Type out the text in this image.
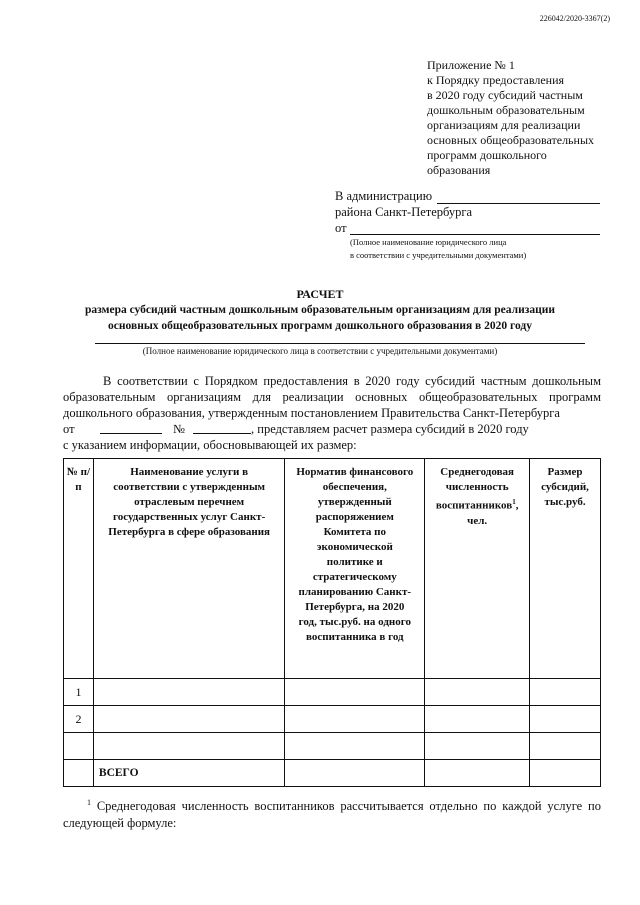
226042/2020-3367(2)
Приложение № 1
к Порядку предоставления
в 2020 году субсидий частным
дошкольным образовательным
организациям для реализации
основных общеобразовательных
программ дошкольного
образования
В администрацию
района Санкт-Петербурга
от
(Полное наименование юридического лица
в соответствии с учредительными документами)
РАСЧЕТ
размера субсидий частным дошкольным образовательным организациям для реализации
основных общеобразовательных программ дошкольного образования в 2020 году
(Полное наименование юридического лица в соответствии с учредительными документами)

В соответствии с Порядком предоставления в 2020 году субсидий частным дошкольным образовательным организациям для реализации основных общеобразовательных программ дошкольного образования, утвержденным постановлением Правительства Санкт-Петербурга

от	№	, представляем расчет размера субсидий в 2020 году

с указанием информации, обосновывающей их размер:

№ п/п	Наименование услуги в соответствии с утвержденным отраслевым перечнем государственных услуг Санкт-Петербурга в сфере образования	Норматив финансового обеспечения, утвержденный распоряжением Комитета по экономической политике и стратегическому планированию Санкт-Петербурга, на 2020 год, тыс.руб. на одного воспитанника в год	Среднегодовая численность воспитанников$^1$, чел.	Размер субсидий, тыс.руб.
1				
2				

	ВСЕГО			
$^1$ Среднегодовая численность воспитанников рассчитывается отдельно по каждой услуге по следующей формуле:
